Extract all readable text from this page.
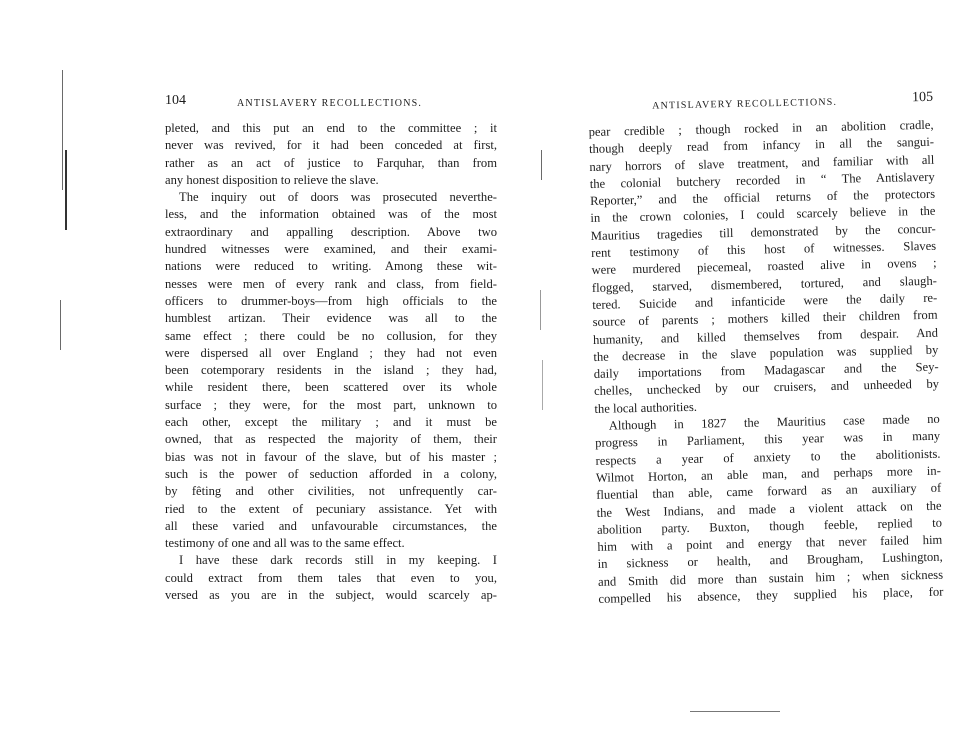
104	ANTISLAVERY RECOLLECTIONS.
pleted, and this put an end to the committee ; it
never was revived, for it had been conceded at first,
rather as an act of justice to Farquhar, than from
any honest disposition to relieve the slave.
The inquiry out of doors was prosecuted neverthe-
less, and the information obtained was of the most
extraordinary and appalling description. Above two
hundred witnesses were examined, and their exami-
nations were reduced to writing. Among these wit-
nesses were men of every rank and class, from field-
officers to drummer-boys—from high officials to the
humblest artizan. Their evidence was all to the
same effect ; there could be no collusion, for they
were dispersed all over England ; they had not even
been cotemporary residents in the island ; they had,
while resident there, been scattered over its whole
surface ; they were, for the most part, unknown to
each other, except the military ; and it must be
owned, that as respected the majority of them, their
bias was not in favour of the slave, but of his master ;
such is the power of seduction afforded in a colony,
by fêting and other civilities, not unfrequently car-
ried to the extent of pecuniary assistance. Yet with
all these varied and unfavourable circumstances, the
testimony of one and all was to the same effect.
I have these dark records still in my keeping. I
could extract from them tales that even to you,
versed as you are in the subject, would scarcely ap-
ANTISLAVERY RECOLLECTIONS.	105
pear credible ; though rocked in an abolition cradle,
though deeply read from infancy in all the sangui-
nary horrors of slave treatment, and familiar with all
the colonial butchery recorded in “ The Antislavery
Reporter,” and the official returns of the protectors
in the crown colonies, I could scarcely believe in the
Mauritius tragedies till demonstrated by the concur-
rent testimony of this host of witnesses. Slaves
were murdered piecemeal, roasted alive in ovens ;
flogged, starved, dismembered, tortured, and slaugh-
tered. Suicide and infanticide were the daily re-
source of parents ; mothers killed their children from
humanity, and killed themselves from despair. And
the decrease in the slave population was supplied by
daily importations from Madagascar and the Sey-
chelles, unchecked by our cruisers, and unheeded by
the local authorities.
Although in 1827 the Mauritius case made no
progress in Parliament, this year was in many
respects a year of anxiety to the abolitionists.
Wilmot Horton, an able man, and perhaps more in-
fluential than able, came forward as an auxiliary of
the West Indians, and made a violent attack on the
abolition party. Buxton, though feeble, replied to
him with a point and energy that never failed him
in sickness or health, and Brougham, Lushington,
and Smith did more than sustain him ; when sickness
compelled his absence, they supplied his place, for
